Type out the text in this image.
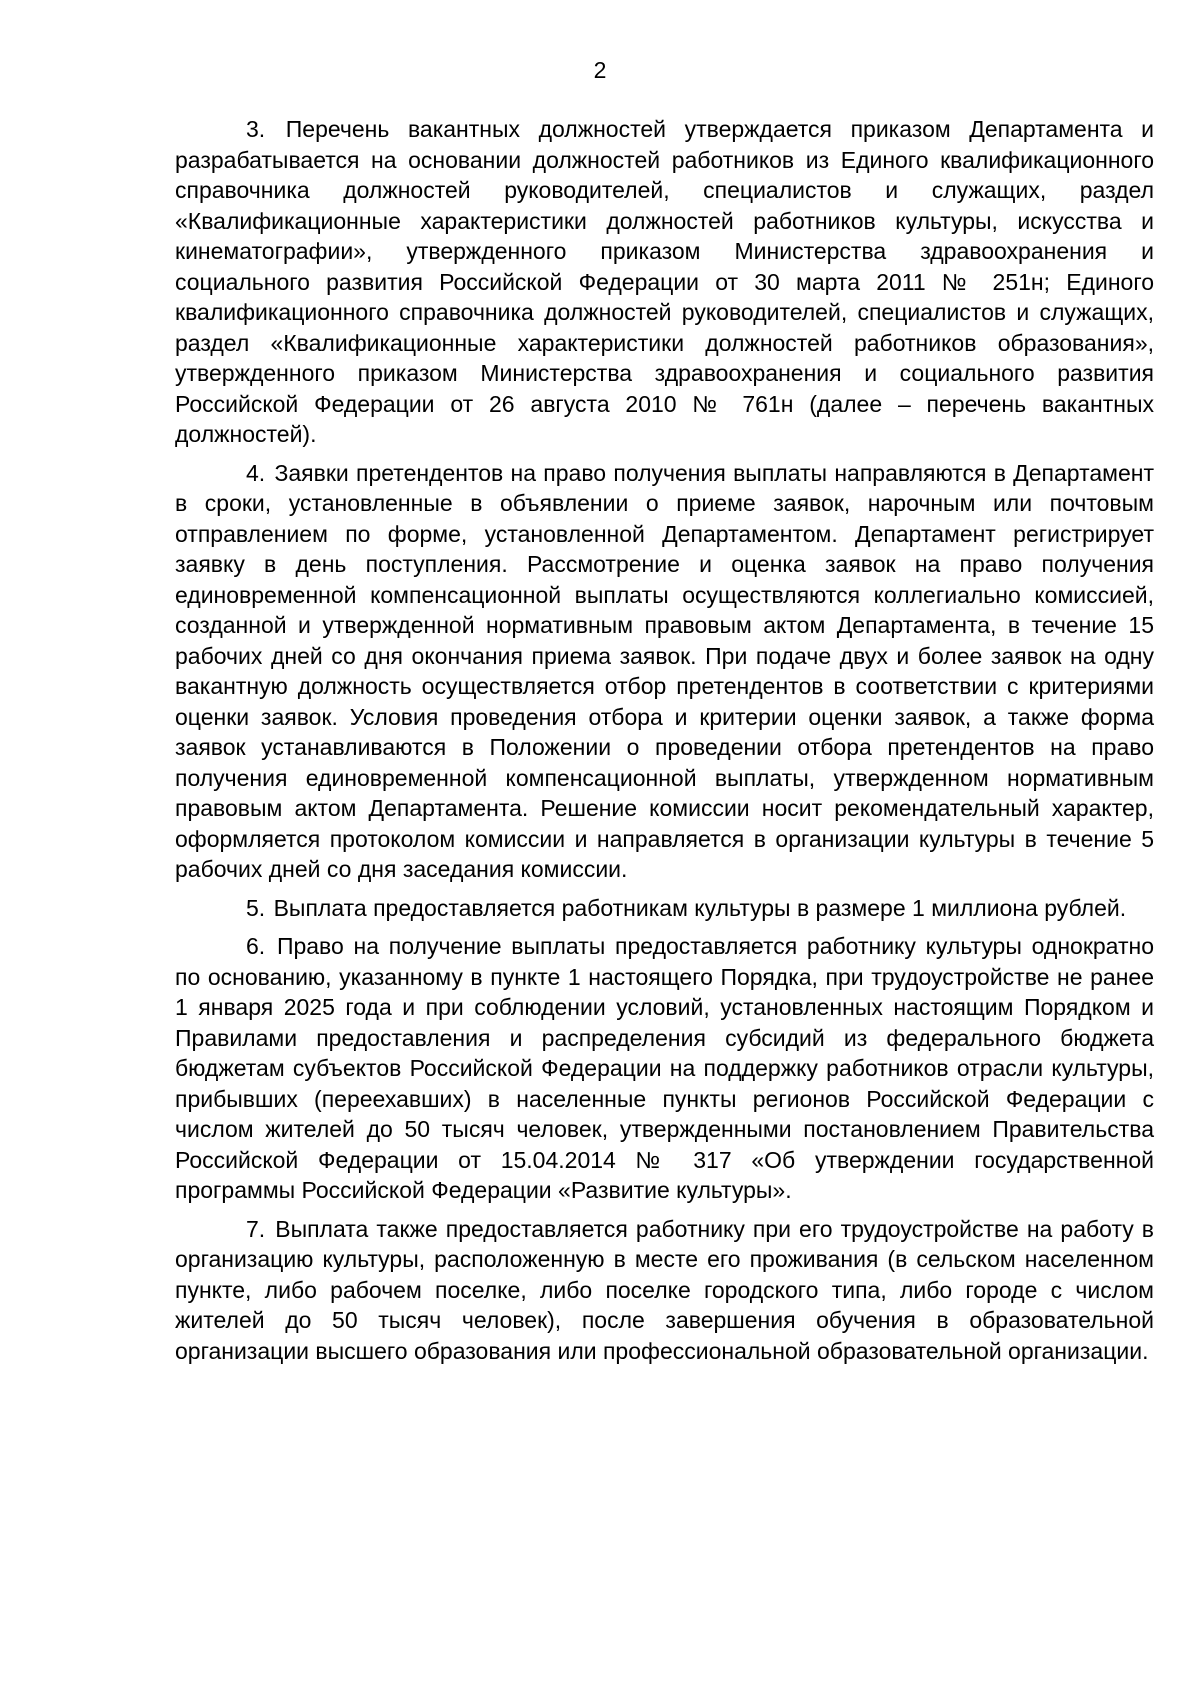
2

3. Перечень вакантных должностей утверждается приказом Департамента и разрабатывается на основании должностей работников из Единого квалификационного справочника должностей руководителей, специалистов и служащих, раздел «Квалификационные характеристики должностей работников культуры, искусства и кинематографии», утвержденного приказом Министерства здравоохранения и социального развития Российской Федерации от 30 марта 2011 № 251н; Единого квалификационного справочника должностей руководителей, специалистов и служащих, раздел «Квалификационные характеристики должностей работников образования», утвержденного приказом Министерства здравоохранения и социального развития Российской Федерации от 26 августа 2010 № 761н (далее – перечень вакантных должностей).

4. Заявки претендентов на право получения выплаты направляются в Департамент в сроки, установленные в объявлении о приеме заявок, нарочным или почтовым отправлением по форме, установленной Департаментом. Департамент регистрирует заявку в день поступления. Рассмотрение и оценка заявок на право получения единовременной компенсационной выплаты осуществляются коллегиально комиссией, созданной и утвержденной нормативным правовым актом Департамента, в течение 15 рабочих дней со дня окончания приема заявок. При подаче двух и более заявок на одну вакантную должность осуществляется отбор претендентов в соответствии с критериями оценки заявок. Условия проведения отбора и критерии оценки заявок, а также форма заявок устанавливаются в Положении о проведении отбора претендентов на право получения единовременной компенсационной выплаты, утвержденном нормативным правовым актом Департамента. Решение комиссии носит рекомендательный характер, оформляется протоколом комиссии и направляется в организации культуры в течение 5 рабочих дней со дня заседания комиссии.

5. Выплата предоставляется работникам культуры в размере 1 миллиона рублей.

6. Право на получение выплаты предоставляется работнику культуры однократно по основанию, указанному в пункте 1 настоящего Порядка, при трудоустройстве не ранее 1 января 2025 года и при соблюдении условий, установленных настоящим Порядком и Правилами предоставления и распределения субсидий из федерального бюджета бюджетам субъектов Российской Федерации на поддержку работников отрасли культуры, прибывших (переехавших) в населенные пункты регионов Российской Федерации с числом жителей до 50 тысяч человек, утвержденными постановлением Правительства Российской Федерации от 15.04.2014 № 317 «Об утверждении государственной программы Российской Федерации «Развитие культуры».

7. Выплата также предоставляется работнику при его трудоустройстве на работу в организацию культуры, расположенную в месте его проживания (в сельском населенном пункте, либо рабочем поселке, либо поселке городского типа, либо городе с числом жителей до 50 тысяч человек), после завершения обучения в образовательной организации высшего образования или профессиональной образовательной организации.
